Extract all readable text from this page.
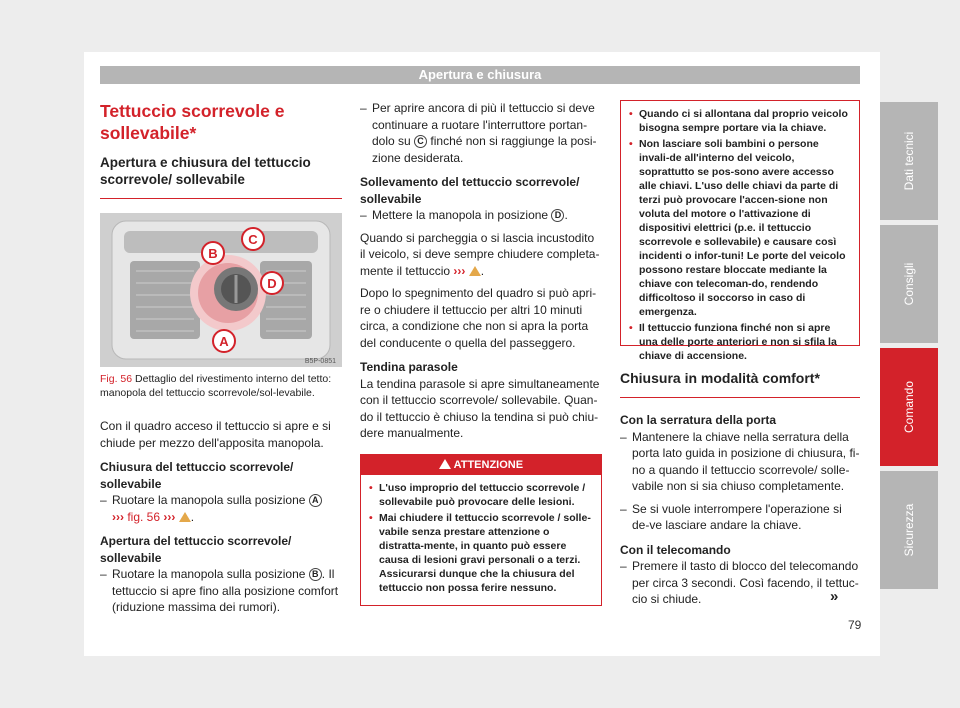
Apertura e chiusura
Tettuccio scorrevole e sollevabile*
Apertura e chiusura del tettuccio scorrevole/ sollevabile
B
C
D
A
B5P-0851
Fig. 56 Dettaglio del rivestimento interno del tetto: manopola del tettuccio scorrevole/sol-levabile.

Con il quadro acceso il tettuccio si apre e si chiude per mezzo dell'apposita manopola.

Chiusura del tettuccio scorrevole/ sollevabile
– Ruotare la manopola sulla posizione A
››› fig. 56 ››› .
Apertura del tettuccio scorrevole/ sollevabile
– Ruotare la manopola sulla posizione B . Il tettuccio si apre fino alla posizione comfort (riduzione massima dei rumori).
– Per aprire ancora di più il tettuccio si deve continuare a ruotare l'interruttore portan-dolo su C finché non si raggiunge la posi-zione desiderata.
Sollevamento del tettuccio scorrevole/ sollevabile
– Mettere la manopola in posizione D .

Quando si parcheggia o si lascia incustodito il veicolo, si deve sempre chiudere completa-mente il tettuccio ››› .

Dopo lo spegnimento del quadro si può apri-re o chiudere il tettuccio per altri 10 minuti circa, a condizione che non si apra la porta del conducente o quella del passeggero.

Tendina parasole

La tendina parasole si apre simultaneamente con il tettuccio scorrevole/ sollevabile. Quan-do il tettuccio è chiuso la tendina si può chiu-dere manualmente.

ATTENZIONE
• L'uso improprio del tettuccio scorrevole / sollevabile può provocare delle lesioni.
• Mai chiudere il tettuccio scorrevole / solle-vabile senza prestare attenzione o distratta-mente, in quanto può essere causa di lesioni gravi personali o a terzi. Assicurarsi dunque che la chiusura del tettuccio non possa ferire nessuno.
• Quando ci si allontana dal proprio veicolo bisogna sempre portare via la chiave.
• Non lasciare soli bambini o persone invali-de all'interno del veicolo, soprattutto se pos-sono avere accesso alle chiavi. L'uso delle chiavi da parte di terzi può provocare l'accen-sione non voluta del motore o l'attivazione di dispositivi elettrici (p.e. il tettuccio scorrevole e sollevabile) e causare così incidenti o infor-tuni! Le porte del veicolo possono restare bloccate mediante la chiave con telecoman-do, rendendo difficoltoso il soccorso in caso di emergenza.
• Il tettuccio funziona finché non si apre una delle porte anteriori e non si sfila la chiave di accensione.
Chiusura in modalità comfort*
Con la serratura della porta
– Mantenere la chiave nella serratura della porta lato guida in posizione di chiusura, fi-no a quando il tettuccio scorrevole/ solle-vabile non si sia chiuso completamente.
– Se si vuole interrompere l'operazione si de-ve lasciare andare la chiave.
Con il telecomando
– Premere il tasto di blocco del telecomando per circa 3 secondi. Così facendo, il tettuc-cio si chiude.	»
Dati tecnici
Consigli
Comando
Sicurezza
79
